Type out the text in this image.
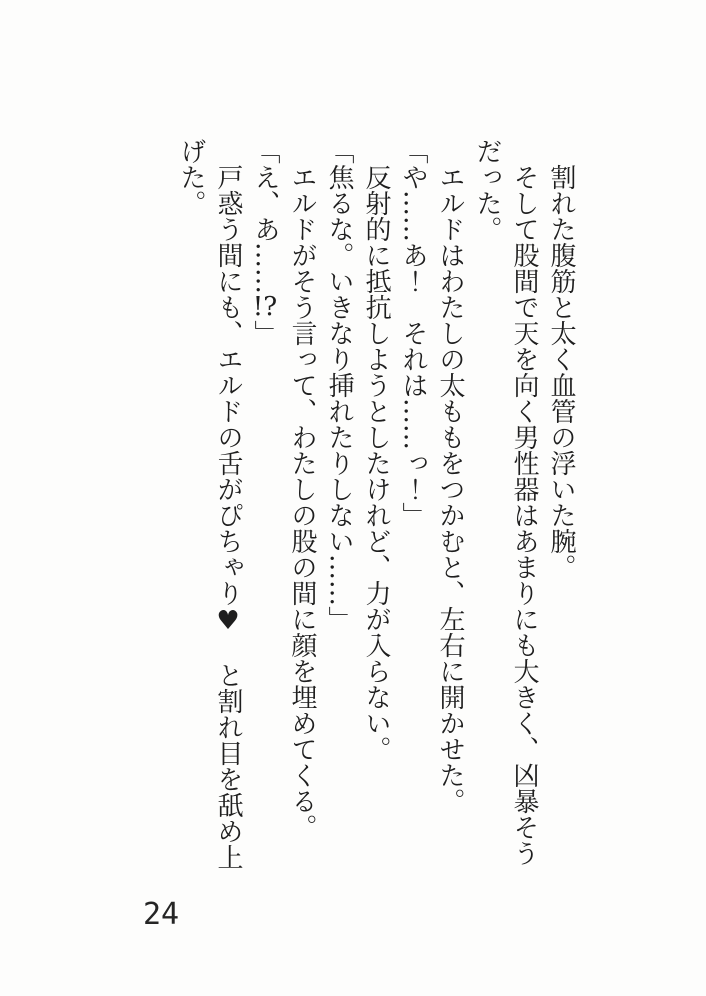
割れた腹筋と太く血管の浮いた腕。
そして股間で天を向く男性器はあまりにも大きく、凶暴そう
だった。
エルドはわたしの太ももをつかむと、左右に開かせた。
「や……あ！　それは……っ！」
反射的に抵抗しようとしたけれど、力が入らない。
「焦るな。いきなり挿れたりしない……」
エルドがそう言って、わたしの股の間に顔を埋めてくる。
「え、あ……!?」
戸惑う間にも、エルドの舌がぴちゃり♥　と割れ目を舐め上
げた。
24
